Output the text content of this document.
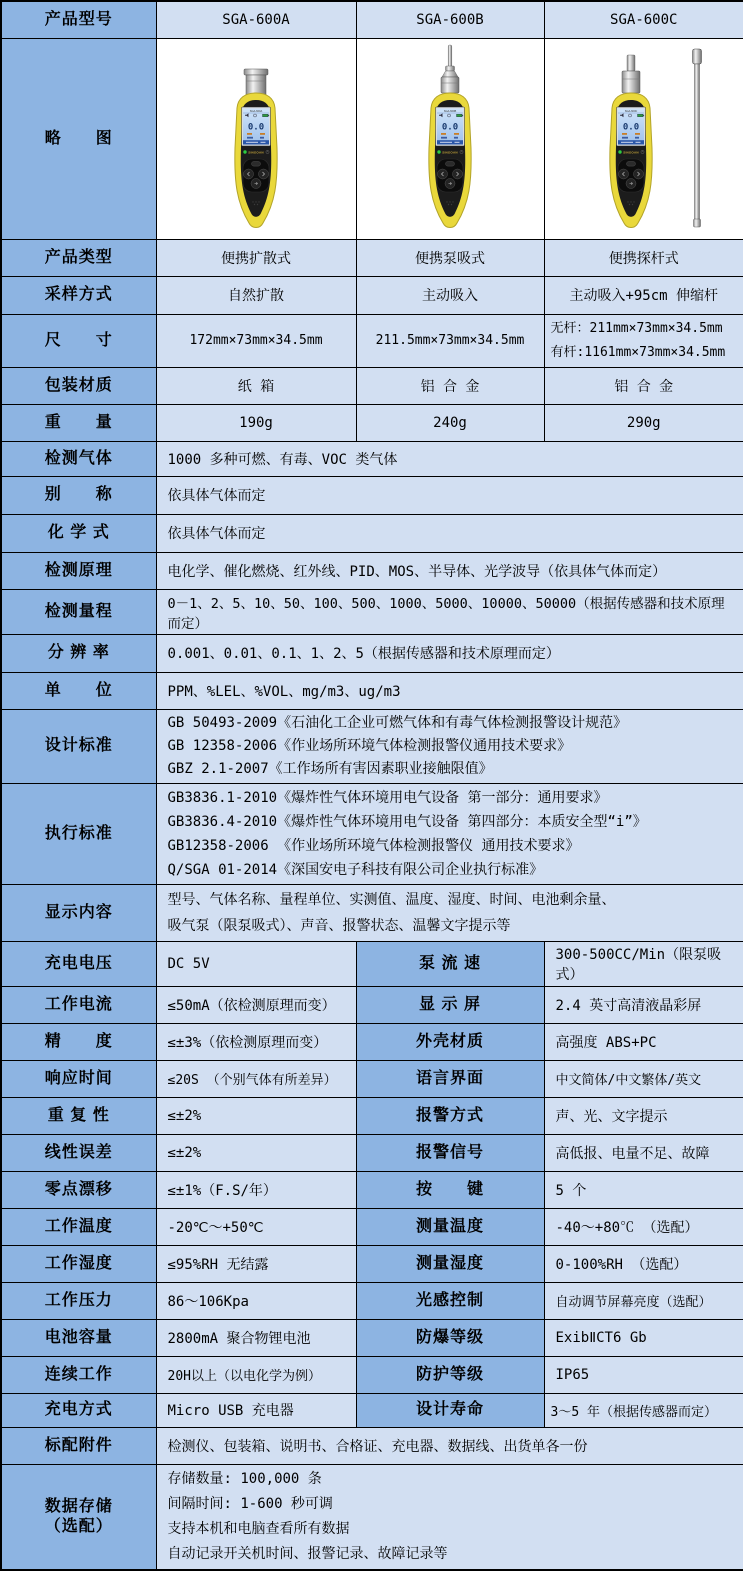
产品型号	SGA-600A	SGA-600B	SGA-600C
略　　图	SGA-600A
0.0
SINGOAN	SGA-600B
0.0
SINGOAN	SGA-600C
0.0
SINGOAN

产品类型	便携扩散式	便携泵吸式	便携探杆式
采样方式	自然扩散	主动吸入	主动吸入+95cm 伸缩杆
尺　　寸	172mm×73mm×34.5mm	211.5mm×73mm×34.5mm	无杆：211mm×73mm×34.5mm
有杆:1161mm×73mm×34.5mm

包装材质	纸 箱	铝 合 金	铝 合 金
重　　量	190g	240g	290g
检测气体	1000 多种可燃、有毒、VOC 类气体		
别　　称	依具体气体而定		
化 学 式	依具体气体而定		
检测原理	电化学、催化燃烧、红外线、PID、MOS、半导体、光学波导（依具体气体而定）		
检测量程	0－1、2、5、10、50、100、500、1000、5000、10000、50000（根据传感器和技术原理而定）		
分 辨 率	0.001、0.01、0.1、1、2、5（根据传感器和技术原理而定）		
单　　位	PPM、%LEL、%VOL、mg/m3、ug/m3		
设计标准	GB 50493-2009《石油化工企业可燃气体和有毒气体检测报警设计规范》
GB 12358-2006《作业场所环境气体检测报警仪通用技术要求》
GBZ 2.1-2007《工作场所有害因素职业接触限值》		

执行标准	GB3836.1-2010《爆炸性气体环境用电气设备 第一部分：通用要求》
GB3836.4-2010《爆炸性气体环境用电气设备 第四部分：本质安全型“i”》
GB12358-2006 《作业场所环境气体检测报警仪 通用技术要求》
Q/SGA 01-2014《深国安电子科技有限公司企业执行标准》		

显示内容	型号、气体名称、量程单位、实测值、温度、湿度、时间、电池剩余量、
吸气泵（限泵吸式）、声音、报警状态、温馨文字提示等		

充电电压	DC 5V	泵 流 速	300-500CC/Min（限泵吸式）
工作电流	≤50mA（依检测原理而变）	显 示 屏	2.4 英寸高清液晶彩屏
精　　度	≤±3%（依检测原理而变）	外壳材质	高强度 ABS+PC
响应时间	≤20S （个别气体有所差异）	语言界面	中文简体/中文繁体/英文
重 复 性	≤±2%	报警方式	声、光、文字提示
线性误差	≤±2%	报警信号	高低报、电量不足、故障
零点漂移	≤±1%（F.S/年）	按　　键	5 个
工作温度	-20℃～+50℃	测量温度	-40～+80℃ （选配）
工作湿度	≤95%RH 无结露	测量湿度	0-100%RH （选配）
工作压力	86～106Kpa	光感控制	自动调节屏幕亮度（选配）
电池容量	2800mA 聚合物锂电池	防爆等级	ExibⅡCT6 Gb
连续工作	20H以上（以电化学为例）	防护等级	IP65
充电方式	Micro USB 充电器	设计寿命	3～5 年（根据传感器而定）
标配附件	检测仪、包装箱、说明书、合格证、充电器、数据线、出货单各一份		

数据存储
（选配）

存储数量: 100,000 条
间隔时间: 1-600 秒可调
支持本机和电脑查看所有数据
自动记录开关机时间、报警记录、故障记录等
